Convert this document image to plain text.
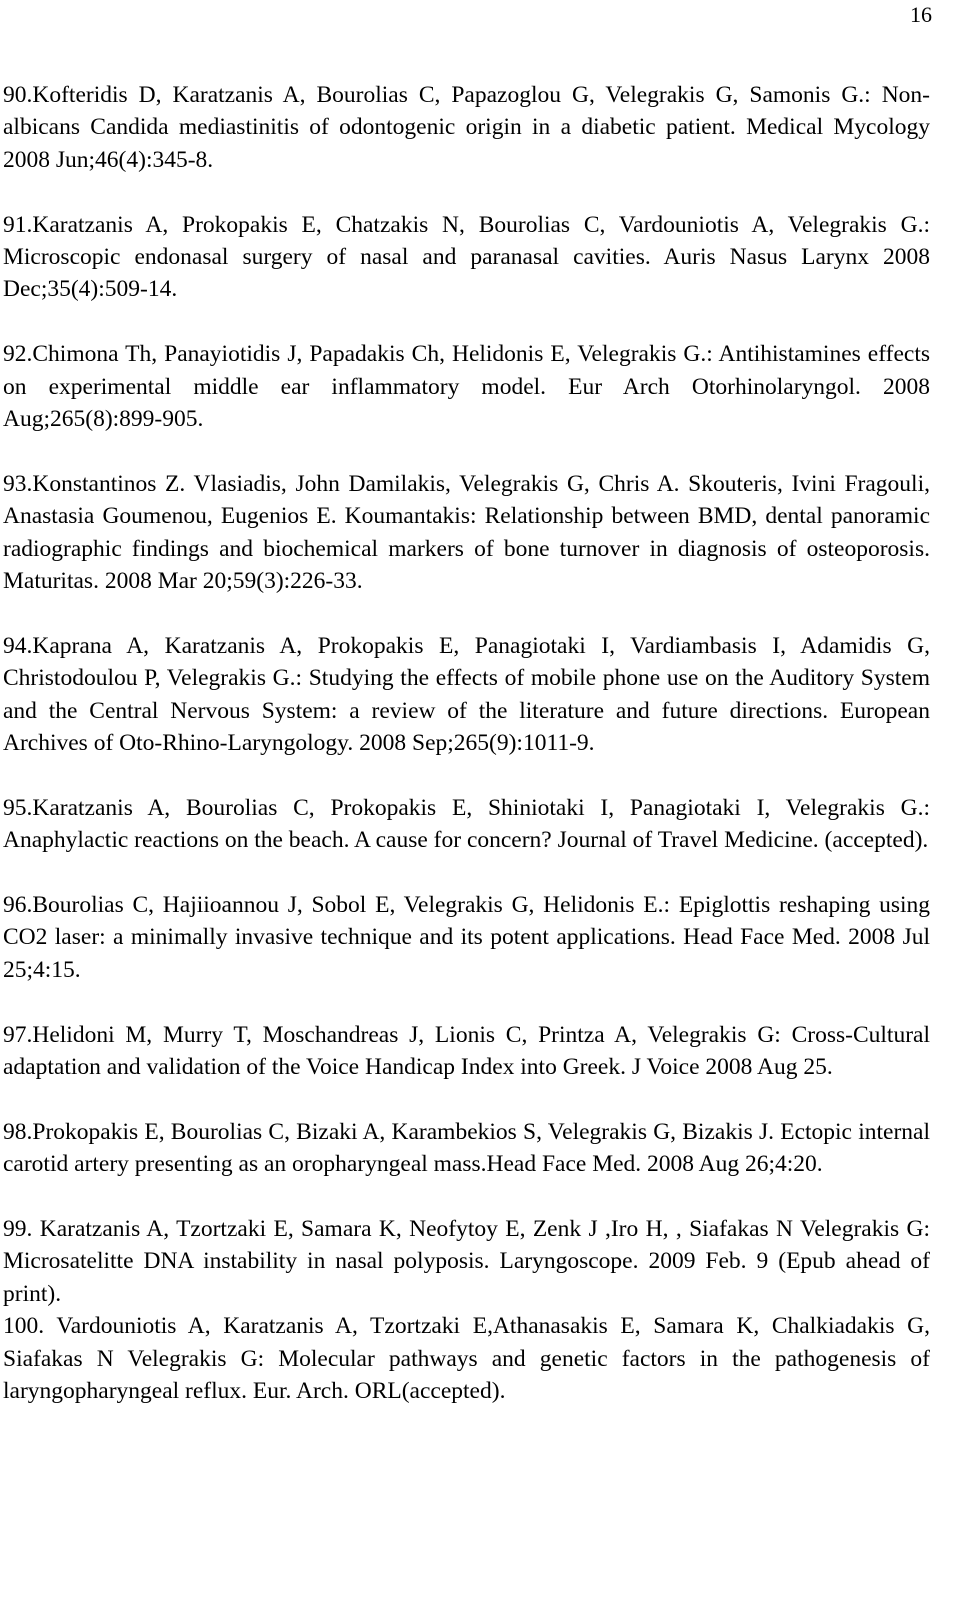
16

90.Kofteridis D, Karatzanis A, Bourolias C, Papazoglou G, Velegrakis G, Samonis G.: Non-albicans Candida mediastinitis of odontogenic origin in a diabetic patient. Medical Mycology 2008 Jun;46(4):345-8.

91.Karatzanis A, Prokopakis E, Chatzakis N, Bourolias C, Vardouniotis A, Velegrakis G.: Microscopic endonasal surgery of nasal and paranasal cavities. Auris Nasus Larynx 2008 Dec;35(4):509-14.

92.Chimona Th, Panayiotidis J, Papadakis Ch, Helidonis E, Velegrakis G.: Antihistamines effects on experimental middle ear inflammatory model. Eur Arch Otorhinolaryngol. 2008 Aug;265(8):899-905.

93.Konstantinos Z. Vlasiadis, John Damilakis, Velegrakis G, Chris A. Skouteris, Ivini Fragouli, Anastasia Goumenou, Eugenios E. Koumantakis: Relationship between BMD, dental panoramic radiographic findings and biochemical markers of bone turnover in diagnosis of osteoporosis. Maturitas. 2008 Mar 20;59(3):226-33.

94.Kaprana A, Karatzanis A, Prokopakis E, Panagiotaki I, Vardiambasis I, Adamidis G, Christodoulou P, Velegrakis G.: Studying the effects of mobile phone use on the Auditory System and the Central Nervous System: a review of the literature and future directions. European Archives of Oto-Rhino-Laryngology. 2008 Sep;265(9):1011-9.

95.Karatzanis A, Bourolias C, Prokopakis E, Shiniotaki I, Panagiotaki I, Velegrakis G.: Anaphylactic reactions on the beach. A cause for concern? Journal of Travel Medicine. (accepted).

96.Bourolias C, Hajiioannou J, Sobol E, Velegrakis G, Helidonis E.: Epiglottis reshaping using CO2 laser: a minimally invasive technique and its potent applications. Head Face Med. 2008 Jul 25;4:15.

97.Helidoni M, Murry T, Moschandreas J, Lionis C, Printza A, Velegrakis G: Cross-Cultural adaptation and validation of the Voice Handicap Index into Greek. J Voice 2008 Aug 25.

98.Prokopakis E, Bourolias C, Bizaki A, Karambekios S, Velegrakis G, Bizakis J. Ectopic internal carotid artery presenting as an oropharyngeal mass.Head Face Med. 2008 Aug 26;4:20.

99. Karatzanis A, Tzortzaki E, Samara K, Neofytoy E, Zenk J ,Iro H, , Siafakas N Velegrakis G: Microsatelitte DNA instability in nasal polyposis. Laryngoscope. 2009 Feb. 9 (Epub ahead of print).

100. Vardouniotis A, Karatzanis A, Tzortzaki E,Athanasakis E, Samara K, Chalkiadakis G, Siafakas N Velegrakis G: Molecular pathways and genetic factors in the pathogenesis of laryngopharyngeal reflux. Eur. Arch. ORL(accepted).
